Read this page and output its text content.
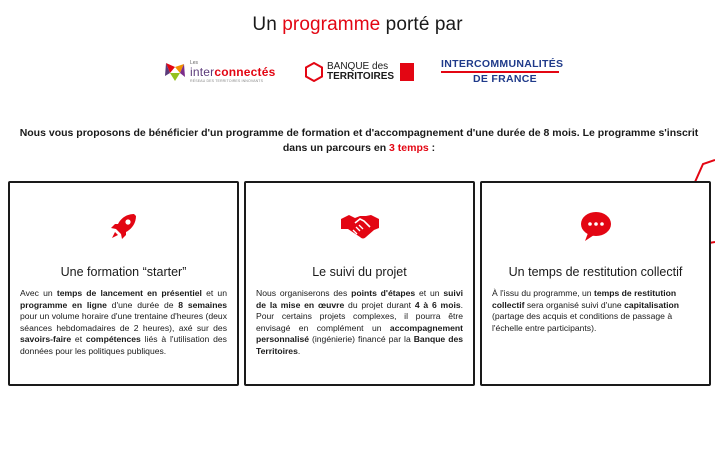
Un programme porté par
Les
interconnectés
RÉSEAU DES TERRITOIRES INNOVANTS
BANQUE des
TERRITOIRES
INTERCOMMUNALITÉS
DE FRANCE
Nous vous proposons de bénéficier d'un programme de formation et d'accompagnement d'une durée de 8 mois. Le programme s'inscrit dans un parcours en 3 temps :
Une formation “starter”
Avec un temps de lancement en présentiel et un programme en ligne d'une durée de 8 semaines pour un volume horaire d'une trentaine d'heures (deux séances hebdomadaires de 2 heures), axé sur des savoirs-faire et compétences liés à l'utilisation des données pour les politiques publiques.
Le suivi du projet
Nous organiserons des points d'étapes et un suivi de la mise en œuvre du projet durant 4 à 6 mois. Pour certains projets complexes, il pourra être envisagé en complément un accompagnement personnalisé (ingénierie) financé par la Banque des Territoires.
Un temps de restitution collectif
À l'issu du programme, un temps de restitution collectif sera organisé suivi d'une capitalisation (partage des acquis et conditions de passage à l'échelle entre participants).
